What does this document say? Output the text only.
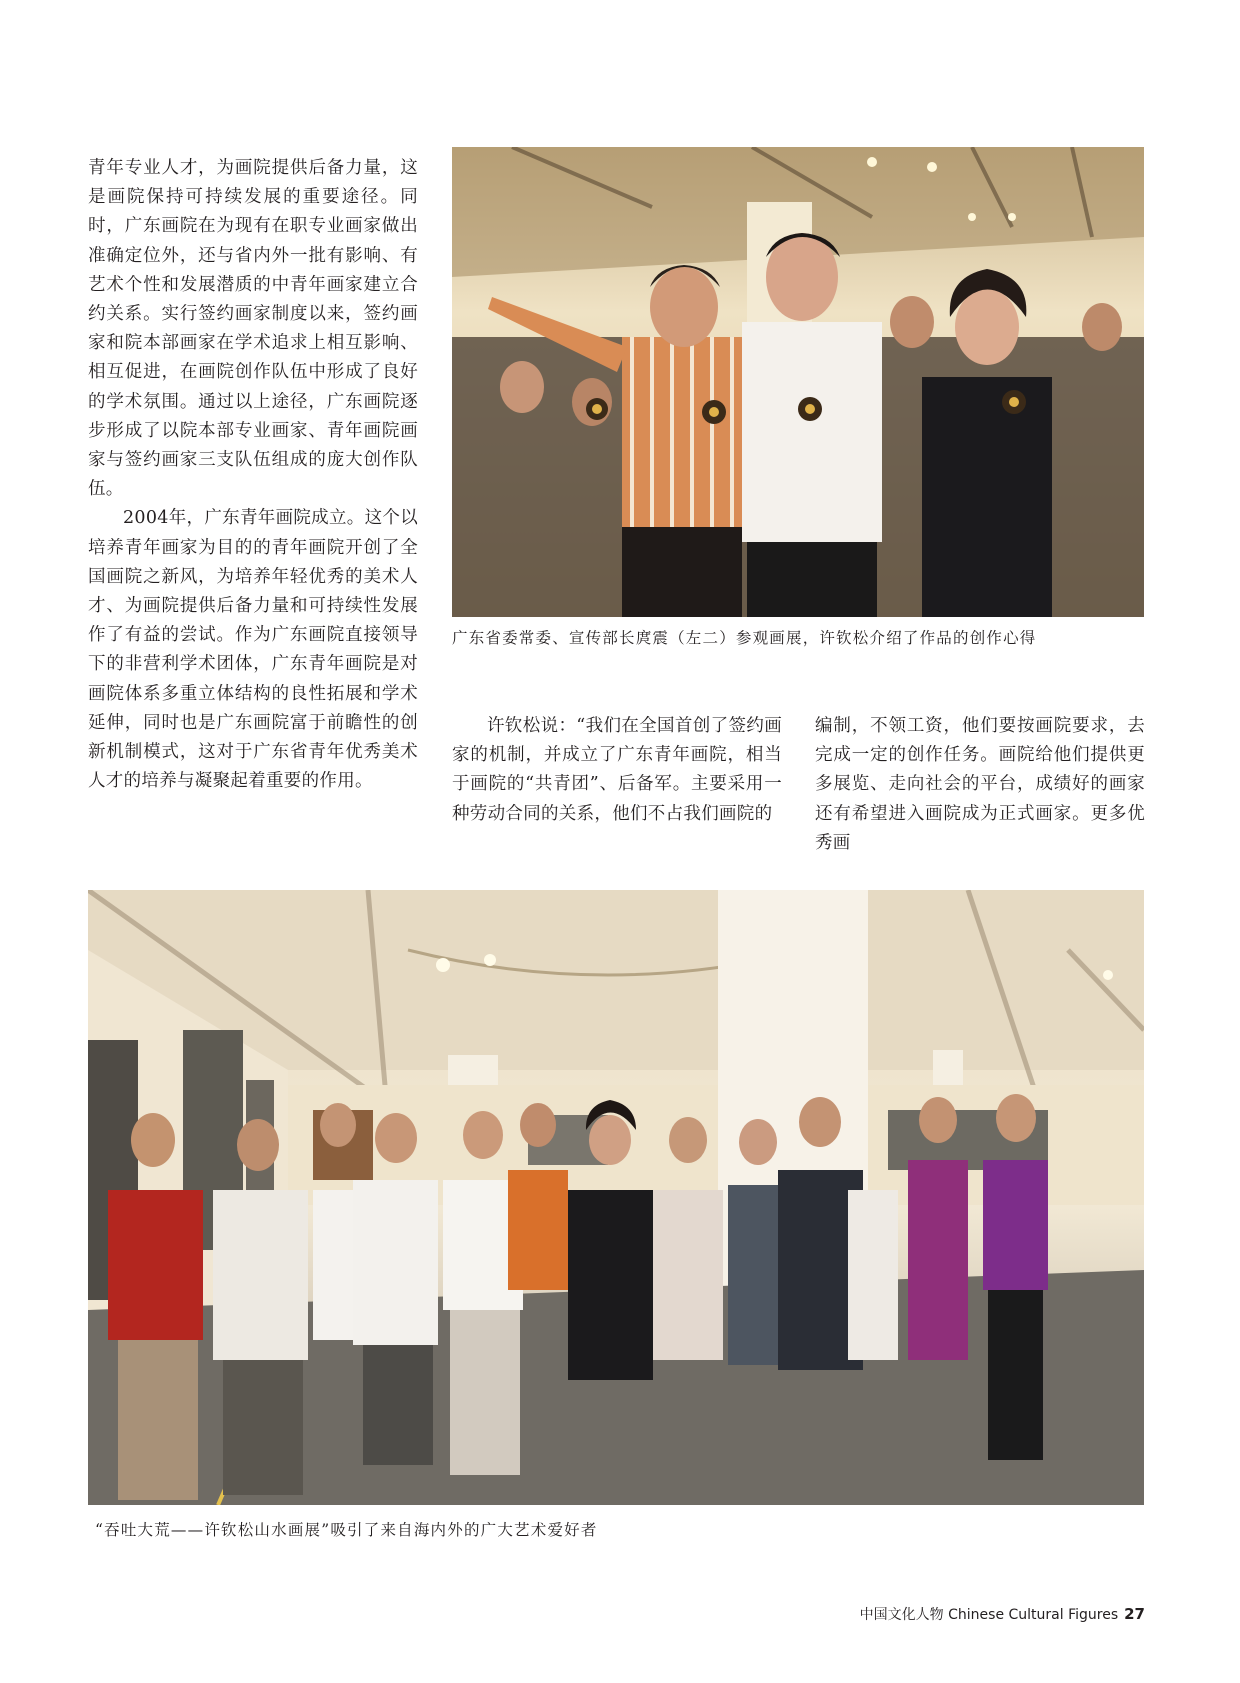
青年专业人才，为画院提供后备力量，这是画院保持可持续发展的重要途径。同时，广东画院在为现有在职专业画家做出准确定位外，还与省内外一批有影响、有艺术个性和发展潜质的中青年画家建立合约关系。实行签约画家制度以来，签约画家和院本部画家在学术追求上相互影响、相互促进，在画院创作队伍中形成了良好的学术氛围。通过以上途径，广东画院逐步形成了以院本部专业画家、青年画院画家与签约画家三支队伍组成的庞大创作队伍。

2004年，广东青年画院成立。这个以培养青年画家为目的的青年画院开创了全国画院之新风，为培养年轻优秀的美术人才、为画院提供后备力量和可持续性发展作了有益的尝试。作为广东画院直接领导下的非营利学术团体，广东青年画院是对画院体系多重立体结构的良性拓展和学术延伸，同时也是广东画院富于前瞻性的创新机制模式，这对于广东省青年优秀美术人才的培养与凝聚起着重要的作用。

广东省委常委、宣传部长庹震（左二）参观画展，许钦松介绍了作品的创作心得

许钦松说：“我们在全国首创了签约画家的机制，并成立了广东青年画院，相当于画院的“共青团”、后备军。主要采用一种劳动合同的关系，他们不占我们画院的

编制，不领工资，他们要按画院要求，去完成一定的创作任务。画院给他们提供更多展览、走向社会的平台，成绩好的画家还有希望进入画院成为正式画家。更多优秀画

“吞吐大荒——许钦松山水画展”吸引了来自海内外的广大艺术爱好者
中国文化人物 Chinese Cultural Figures 27
